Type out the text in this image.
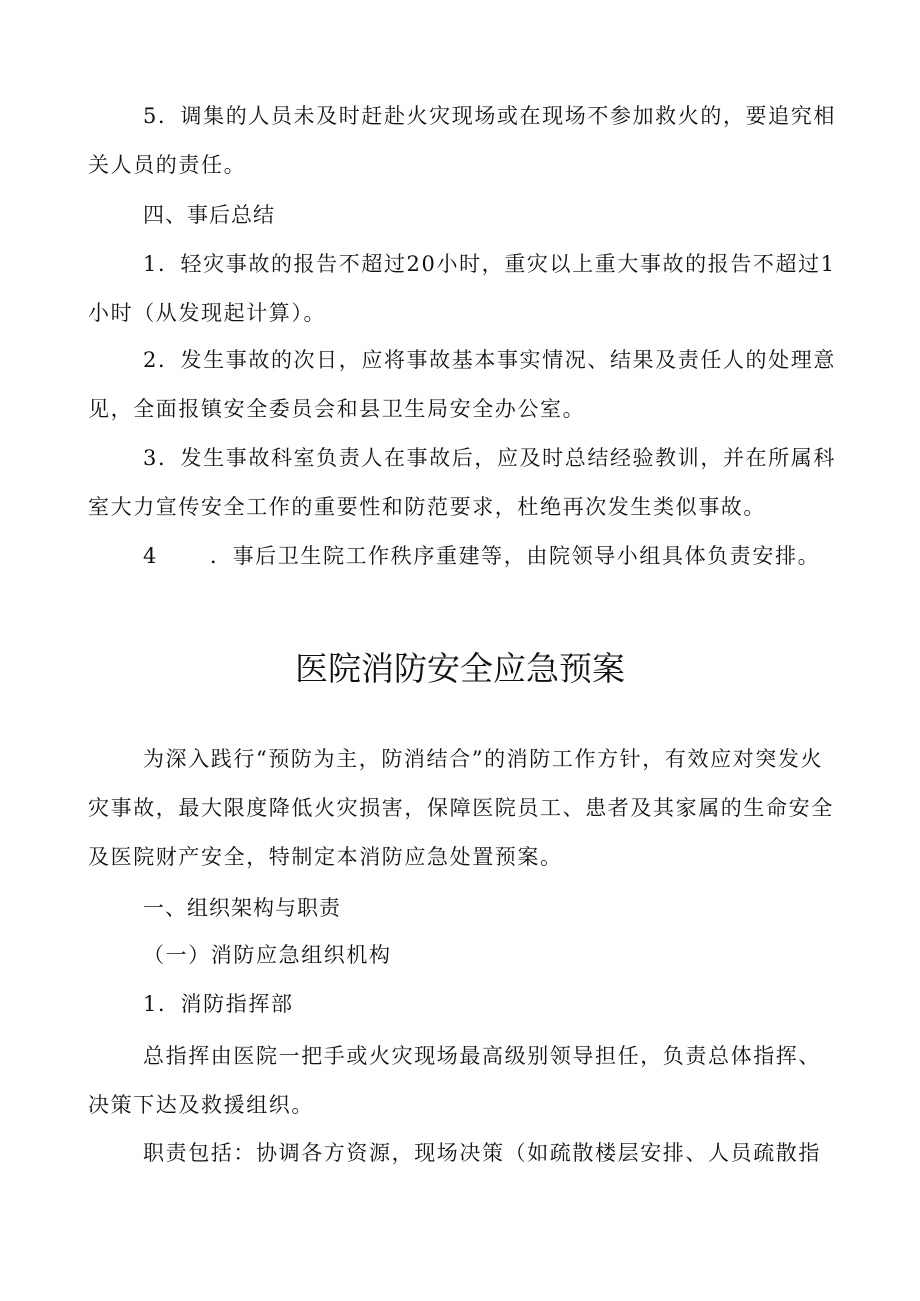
5．调集的人员未及时赶赴火灾现场或在现场不参加救火的，要追究相关人员的责任。

四、事后总结

1．轻灾事故的报告不超过20小时，重灾以上重大事故的报告不超过1小时（从发现起计算）。

2．发生事故的次日，应将事故基本事实情况、结果及责任人的处理意见，全面报镇安全委员会和县卫生局安全办公室。

3．发生事故科室负责人在事故后，应及时总结经验教训，并在所属科室大力宣传安全工作的重要性和防范要求，杜绝再次发生类似事故。

4 ．事后卫生院工作秩序重建等，由院领导小组具体负责安排。

医院消防安全应急预案

为深入践行“预防为主，防消结合”的消防工作方针，有效应对突发火灾事故，最大限度降低火灾损害，保障医院员工、患者及其家属的生命安全及医院财产安全，特制定本消防应急处置预案。

一、组织架构与职责

（一）消防应急组织机构

1．消防指挥部

总指挥由医院一把手或火灾现场最高级别领导担任，负责总体指挥、决策下达及救援组织。

职责包括：协调各方资源，现场决策（如疏散楼层安排、人员疏散指
